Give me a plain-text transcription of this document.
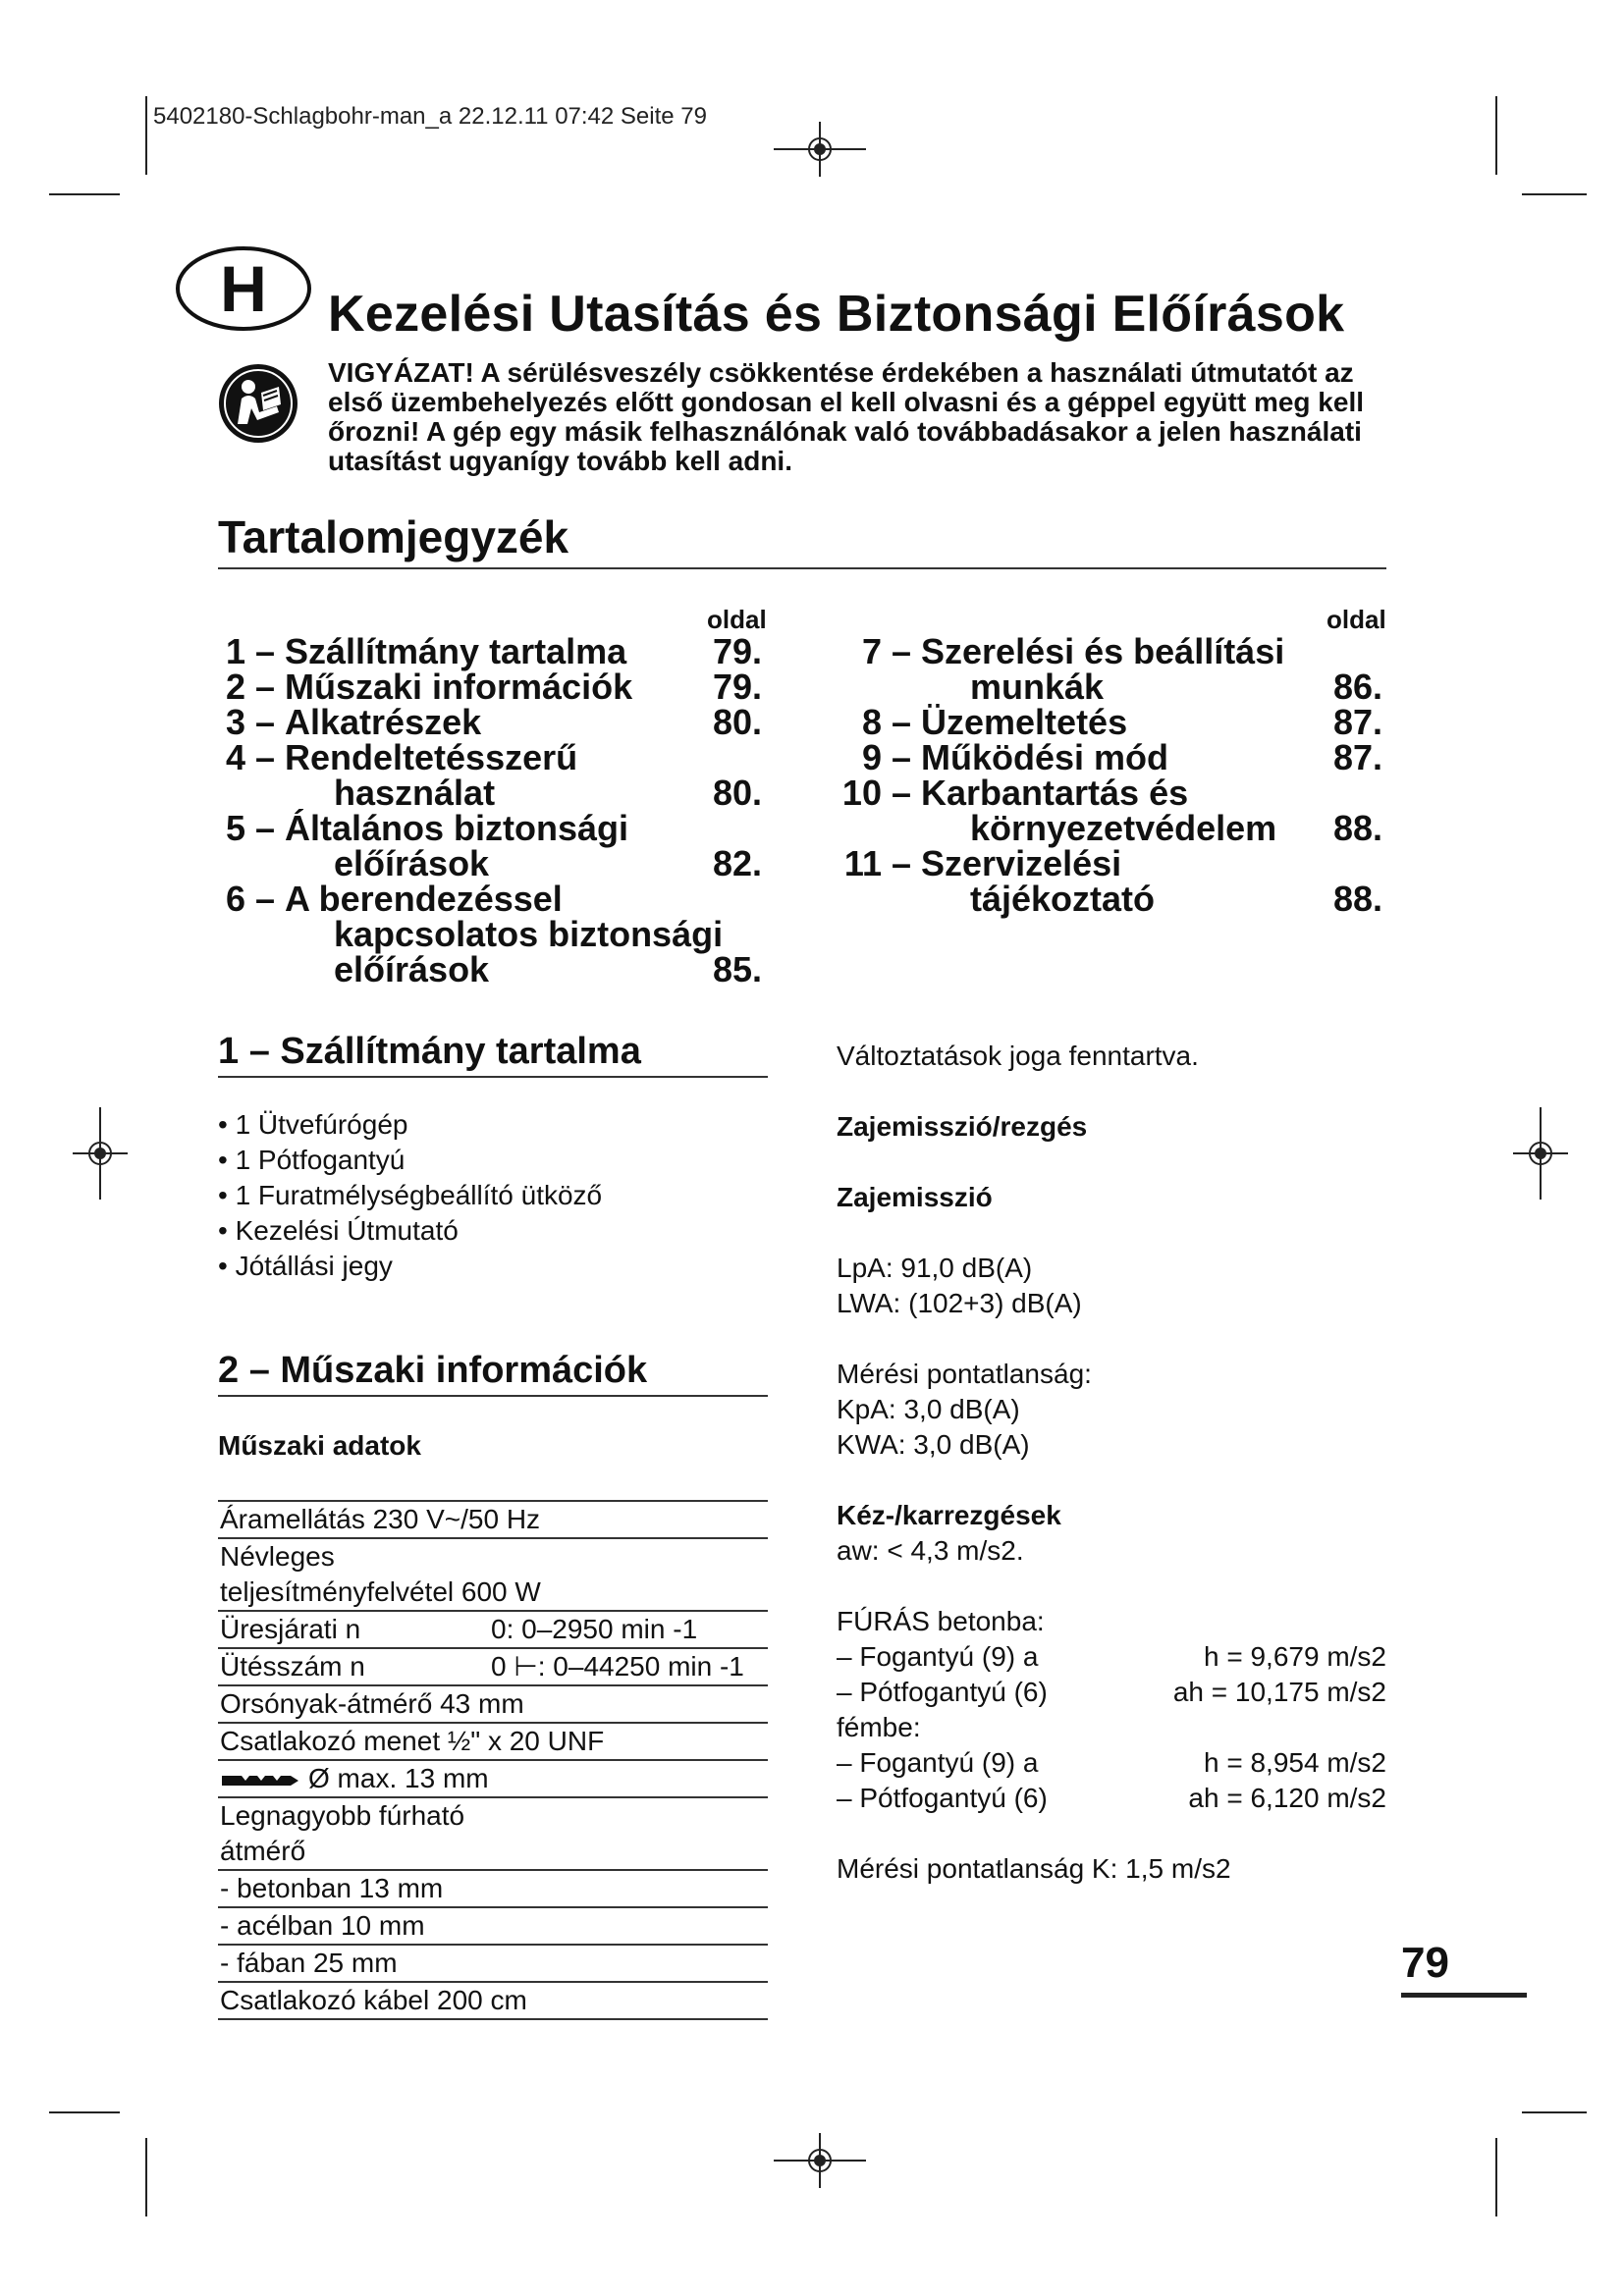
5402180-Schlagbohr-man_a 22.12.11 07:42 Seite 79
H Kezelési Utasítás és Biztonsági Előírások
VIGYÁZAT! A sérülésveszély csökkentése érdekében a használati útmutatót az első üzembehelyezés előtt gondosan el kell olvasni és a géppel együtt meg kell őrozni! A gép egy másik felhasználónak való továbbadásakor a jelen használati utasítást ugyanígy tovább kell adni.
Tartalomjegyzék
oldal	oldal
1 – Szállítmány tartalma 79.
2 – Műszaki információk 79.
3 – Alkatrészek	80.
4 – Rendeltetésszerű
használat	80.
5 – Általános biztonsági
előírások	82.
6 – A berendezéssel
kapcsolatos biztonsági
előírások	85.
7 – Szerelési és beállítási
munkák	86.
8 – Üzemeltetés	87.
9 – Működési mód	87.
10 – Karbantartás és
környezetvédelem 88.
11 – Szervizelési
tájékoztató	88.
1 – Szállítmány tartalma
• 1 Ütvefúrógép
• 1 Pótfogantyú
• 1 Furatmélységbeállító ütköző
• Kezelési Útmutató
• Jótállási jegy
2 – Műszaki információk
Műszaki adatok
Áramellátás 230 V~/50 Hz
Névleges
teljesítményfelvétel 600 W
Üresjárati n	0: 0–2950 min -1
Ütésszám n	0 ⊢: 0–44250 min -1
Orsónyak-átmérő 43 mm
Csatlakozó menet ½" x 20 UNF
Ø max. 13 mm
Legnagyobb fúrható
átmérő
- betonban 13 mm
- acélban 10 mm
- fában 25 mm
Csatlakozó kábel 200 cm
Változtatások joga fenntartva.
Zajemisszió/rezgés
Zajemisszió
LpA: 91,0 dB(A)
LWA: (102+3) dB(A)
Mérési pontatlanság:
KpA: 3,0 dB(A)
KWA: 3,0 dB(A)
Kéz-/karrezgések
aw: < 4,3 m/s2.
FÚRÁS betonba:
– Fogantyú (9) a	h = 9,679 m/s2
– Pótfogantyú (6)	ah = 10,175 m/s2
fémbe:
– Fogantyú (9) a	h = 8,954 m/s2
– Pótfogantyú (6)	ah = 6,120 m/s2
Mérési pontatlanság K: 1,5 m/s2
79
